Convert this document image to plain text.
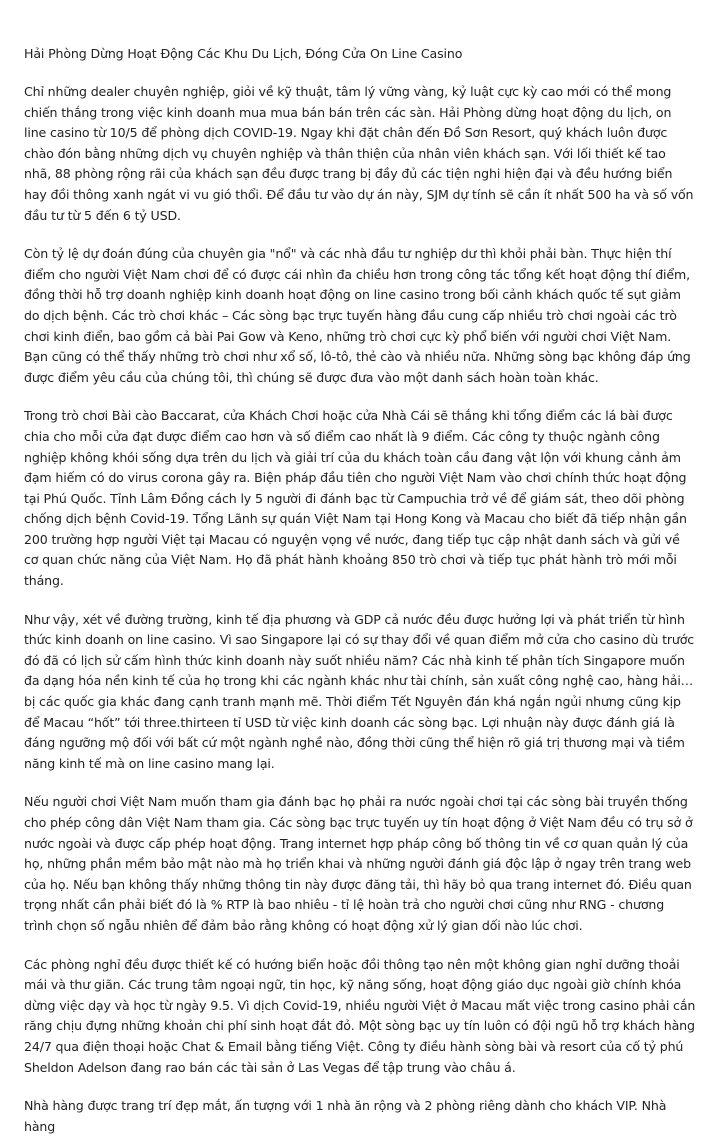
Hải Phòng Dừng Hoạt Động Các Khu Du Lịch, Đóng Cửa On Line Casino

Chỉ những dealer chuyên nghiệp, giỏi về kỹ thuật, tâm lý vững vàng, kỷ luật cực kỳ cao mới có thể mong chiến thắng trong việc kinh doanh mua mua bán bán trên các sàn. Hải Phòng dừng hoạt động du lịch, on line casino từ 10/5 để phòng dịch COVID-19. Ngay khi đặt chân đến Đồ Sơn Resort, quý khách luôn được chào đón bằng những dịch vụ chuyên nghiệp và thân thiện của nhân viên khách sạn. Với lối thiết kế tao nhã, 88 phòng rộng rãi của khách sạn đều được trang bị đầy đủ các tiện nghi hiện đại và đều hướng biển hay đồi thông xanh ngát vi vu gió thổi. Để đầu tư vào dự án này, SJM dự tính sẽ cần ít nhất 500 ha và số vốn đầu tư từ 5 đến 6 tỷ USD.

Còn tỷ lệ dự đoán đúng của chuyên gia "nổ" và các nhà đầu tư nghiệp dư thì khỏi phải bàn. Thực hiện thí điểm cho người Việt Nam chơi để có được cái nhìn đa chiều hơn trong công tác tổng kết hoạt động thí điểm, đồng thời hỗ trợ doanh nghiệp kinh doanh hoạt động on line casino trong bối cảnh khách quốc tế sụt giảm do dịch bệnh. Các trò chơi khác – Các sòng bạc trực tuyến hàng đầu cung cấp nhiều trò chơi ngoài các trò chơi kinh điển, bao gồm cả bài Pai Gow và Keno, những trò chơi cực kỳ phổ biến với người chơi Việt Nam. Bạn cũng có thể thấy những trò chơi như xổ số, lô-tô, thẻ cào và nhiều nữa. Những sòng bạc không đáp ứng được điểm yêu cầu của chúng tôi, thì chúng sẽ được đưa vào một danh sách hoàn toàn khác.

Trong trò chơi Bài cào Baccarat, cửa Khách Chơi hoặc cửa Nhà Cái sẽ thắng khi tổng điểm các lá bài được chia cho mỗi cửa đạt được điểm cao hơn và số điểm cao nhất là 9 điểm. Các công ty thuộc ngành công nghiệp không khói sống dựa trên du lịch và giải trí của du khách toàn cầu đang vật lộn với khung cảnh ảm đạm hiếm có do virus corona gây ra. Biện pháp đầu tiên cho người Việt Nam vào chơi chính thức hoạt động tại Phú Quốc. Tỉnh Lâm Đồng cách ly 5 người đi đánh bạc từ Campuchia trở về để giám sát, theo dõi phòng chống dịch bệnh Covid-19. Tổng Lãnh sự quán Việt Nam tại Hong Kong và Macau cho biết đã tiếp nhận gần 200 trường hợp người Việt tại Macau có nguyện vọng về nước, đang tiếp tục cập nhật danh sách và gửi về cơ quan chức năng của Việt Nam. Họ đã phát hành khoảng 850 trò chơi và tiếp tục phát hành trò mới mỗi tháng.

Như vậy, xét về đường trường, kinh tế địa phương và GDP cả nước đều được hưởng lợi và phát triển từ hình thức kinh doanh on line casino. Vì sao Singapore lại có sự thay đổi về quan điểm mở cửa cho casino dù trước đó đã có lịch sử cấm hình thức kinh doanh này suốt nhiều năm? Các nhà kinh tế phân tích Singapore muốn đa dạng hóa nền kinh tế của họ trong khi các ngành khác như tài chính, sản xuất công nghệ cao, hàng hải…bị các quốc gia khác đang cạnh tranh mạnh mẽ. Thời điểm Tết Nguyên đán khá ngắn ngủi nhưng cũng kịp để Macau “hốt” tới three.thirteen tỉ USD từ việc kinh doanh các sòng bạc. Lợi nhuận này được đánh giá là đáng ngưỡng mộ đối với bất cứ một ngành nghề nào, đồng thời cũng thể hiện rõ giá trị thương mại và tiềm năng kinh tế mà on line casino mang lại.

Nếu người chơi Việt Nam muốn tham gia đánh bạc họ phải ra nước ngoài chơi tại các sòng bài truyền thống cho phép công dân Việt Nam tham gia. Các sòng bạc trực tuyến uy tín hoạt động ở Việt Nam đều có trụ sở ở nước ngoài và được cấp phép hoạt động. Trang internet hợp pháp công bố thông tin về cơ quan quản lý của họ, những phần mềm bảo mật nào mà họ triển khai và những người đánh giá độc lập ở ngay trên trang web của họ. Nếu bạn không thấy những thông tin này được đăng tải, thì hãy bỏ qua trang internet đó. Điều quan trọng nhất cần phải biết đó là % RTP là bao nhiêu - tỉ lệ hoàn trả cho người chơi cũng như RNG - chương trình chọn số ngẫu nhiên để đảm bảo rằng không có hoạt động xử lý gian dối nào lúc chơi.

Các phòng nghỉ đều được thiết kế có hướng biển hoặc đồi thông tạo nên một không gian nghỉ dưỡng thoải mái và thư giãn. Các trung tâm ngoại ngữ, tin học, kỹ năng sống, hoạt động giáo dục ngoài giờ chính khóa dừng việc dạy và học từ ngày 9.5. Vì dịch Covid-19, nhiều người Việt ở Macau mất việc trong casino phải cắn răng chịu đựng những khoản chi phí sinh hoạt đắt đỏ. Một sòng bạc uy tín luôn có đội ngũ hỗ trợ khách hàng 24/7 qua điện thoại hoặc Chat & Email bằng tiếng Việt. Công ty điều hành sòng bài và resort của cố tỷ phú Sheldon Adelson đang rao bán các tài sản ở Las Vegas để tập trung vào châu á.

Nhà hàng được trang trí đẹp mắt, ấn tượng với 1 nhà ăn rộng và 2 phòng riêng dành cho khách VIP. Nhà hàng
